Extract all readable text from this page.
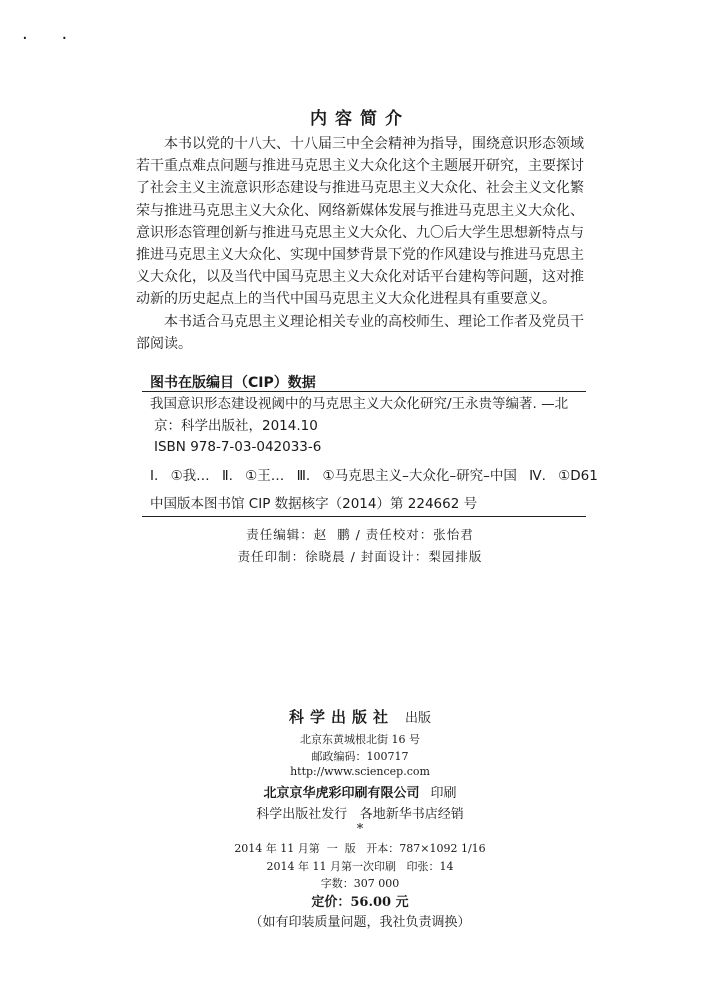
· ·
内容简介

本书以党的十八大、十八届三中全会精神为指导，围绕意识形态领域若干重点难点问题与推进马克思主义大众化这个主题展开研究，主要探讨了社会主义主流意识形态建设与推进马克思主义大众化、社会主义文化繁荣与推进马克思主义大众化、网络新媒体发展与推进马克思主义大众化、意识形态管理创新与推进马克思主义大众化、九〇后大学生思想新特点与推进马克思主义大众化、实现中国梦背景下党的作风建设与推进马克思主义大众化，以及当代中国马克思主义大众化对话平台建构等问题，这对推动新的历史起点上的当代中国马克思主义大众化进程具有重要意义。

本书适合马克思主义理论相关专业的高校师生、理论工作者及党员干部阅读。

图书在版编目（CIP）数据
我国意识形态建设视阈中的马克思主义大众化研究/王永贵等编著. —北
京：科学出版社，2014.10
ISBN 978-7-03-042033-6
Ⅰ. ①我… Ⅱ. ①王… Ⅲ. ①马克思主义–大众化–研究–中国 Ⅳ. ①D61
中国版本图书馆 CIP 数据核字（2014）第 224662 号
责任编辑：赵  鹏 / 责任校对：张怡君
责任印制：徐晓晨 / 封面设计：梨园排版
科学出版社 出版
北京东黄城根北街 16 号
邮政编码：100717
http://www.sciencep.com
北京京华虎彩印刷有限公司 印刷
科学出版社发行   各地新华书店经销
*
2014 年 11 月第  一  版   开本：787×1092 1/16
2014 年 11 月第一次印刷   印张：14
字数：307 000
定价：56.00 元
（如有印装质量问题，我社负责调换）
